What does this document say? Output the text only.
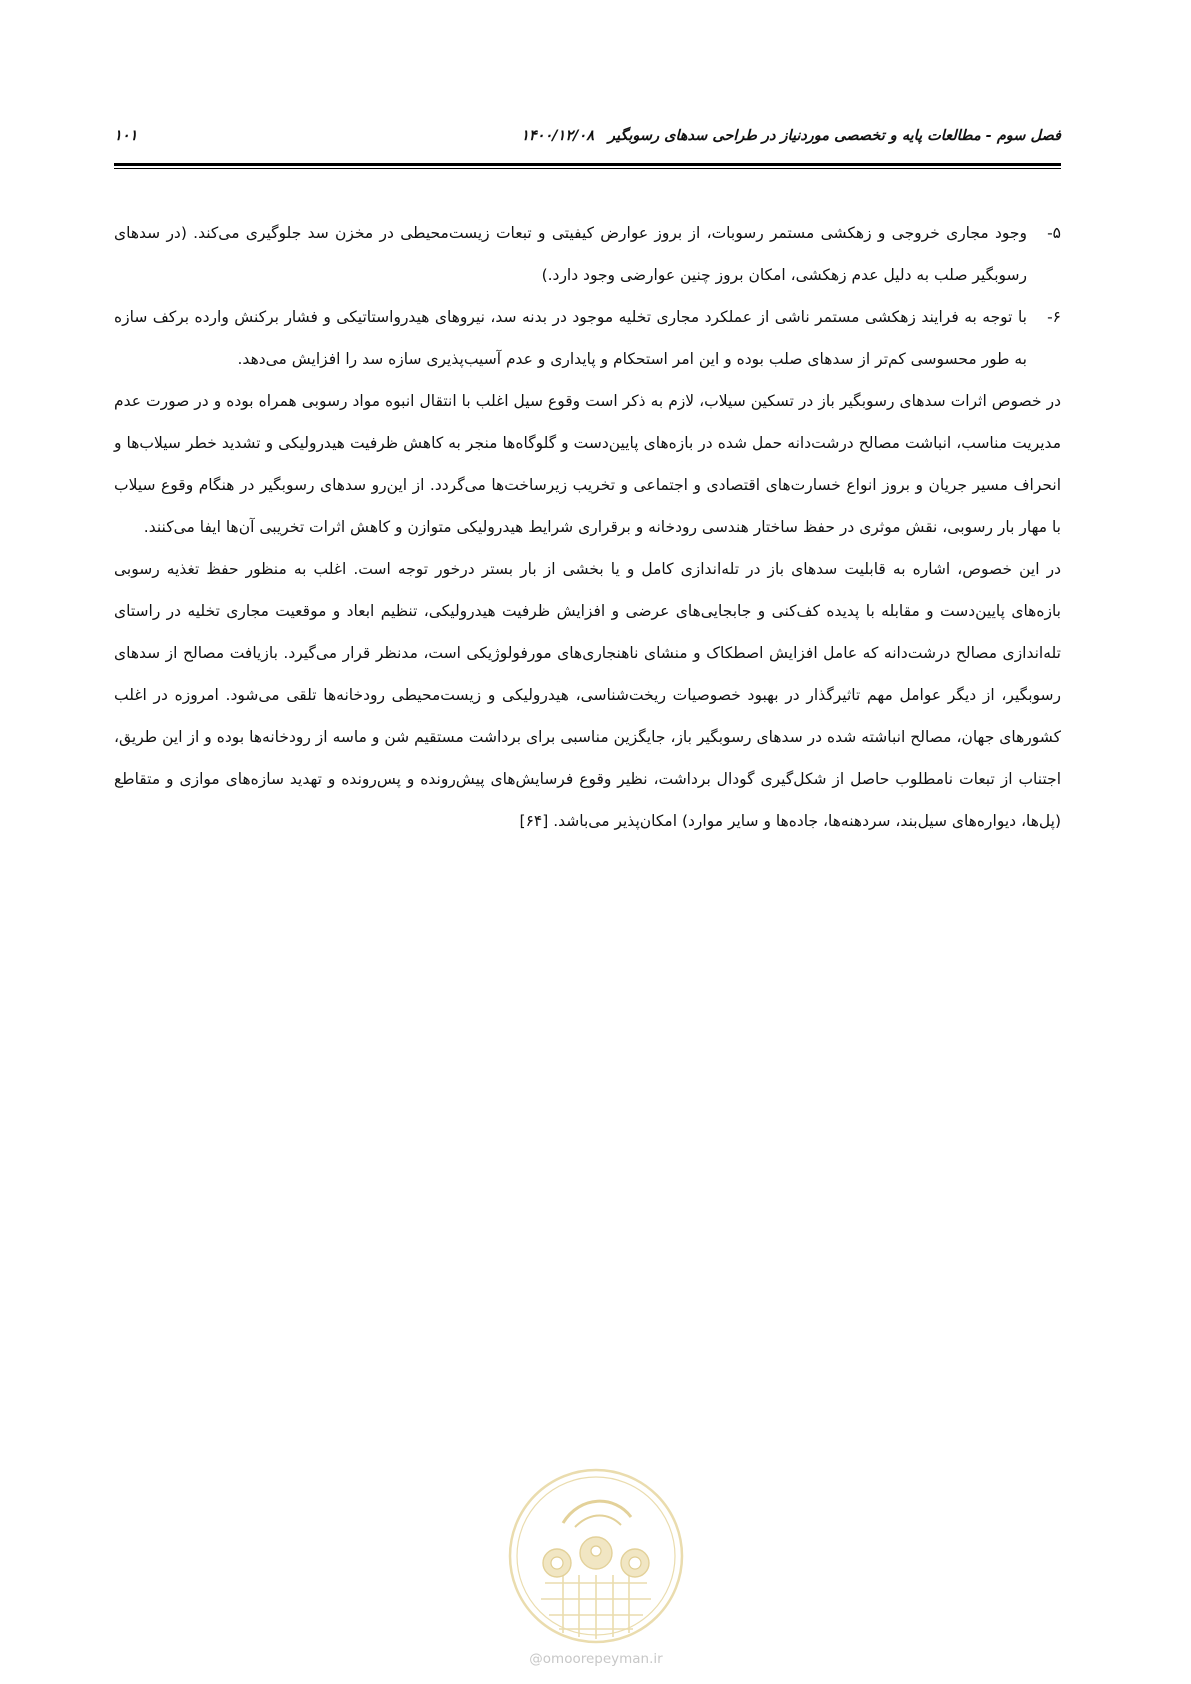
فصل سوم - مطالعات پایه و تخصصی موردنیاز در طراحی سدهای رسوبگیر۱۴۰۰/۱۲/۰۸
۱۰۱
۵-
وجود مجاری خروجی و زهکشی مستمر رسوبات، از بروز عوارض کیفیتی و تبعات زیست‌محیطی در مخزن سد جلوگیری می‌کند. (در سدهای رسوبگیر صلب به دلیل عدم زهکشی، امکان بروز چنین عوارضی وجود دارد.)
۶-
با توجه به فرایند زهکشی مستمر ناشی از عملکرد مجاری تخلیه موجود در بدنه سد، نیروهای هیدرواستاتیکی و فشار برکنش وارده برکف سازه به طور محسوسی کم‌تر از سدهای صلب بوده و این امر استحکام و پایداری و عدم آسیب‌پذیری سازه سد را افزایش می‌دهد.

در خصوص اثرات سدهای رسوبگیر باز در تسکین سیلاب، لازم به ذکر است وقوع سیل اغلب با انتقال انبوه مواد رسوبی همراه بوده و در صورت عدم مدیریت مناسب، انباشت مصالح درشت‌دانه حمل شده در بازه‌های پایین‌دست و گلوگاه‌ها منجر به کاهش ظرفیت هیدرولیکی و تشدید خطر سیلاب‌ها و انحراف مسیر جریان و بروز انواع خسارت‌های اقتصادی و اجتماعی و تخریب زیرساخت‌ها می‌گردد. از این‌رو سدهای رسوبگیر در هنگام وقوع سیلاب با مهار بار رسوبی، نقش موثری در حفظ ساختار هندسی رودخانه و برقراری شرایط هیدرولیکی متوازن و کاهش اثرات تخریبی آن‌ها ایفا می‌کنند.

در این خصوص، اشاره به قابلیت سدهای باز در تله‌اندازی کامل و یا بخشی از بار بستر درخور توجه است. اغلب به منظور حفظ تغذیه رسوبی بازه‌های پایین‌دست و مقابله با پدیده کف‌کنی و جابجایی‌های عرضی و افزایش ظرفیت هیدرولیکی، تنظیم ابعاد و موقعیت مجاری تخلیه در راستای تله‌اندازی مصالح درشت‌دانه که عامل افزایش اصطکاک و منشای ناهنجاری‌های مورفولوژیکی است، مدنظر قرار می‌گیرد. بازیافت مصالح از سدهای رسوبگیر، از دیگر عوامل مهم تاثیرگذار در بهبود خصوصیات ریخت‌شناسی، هیدرولیکی و زیست‌محیطی رودخانه‌ها تلقی می‌شود. امروزه در اغلب کشورهای جهان، مصالح انباشته شده در سدهای رسوبگیر باز، جایگزین مناسبی برای برداشت مستقیم شن و ماسه از رودخانه‌ها بوده و از این طریق، اجتناب از تبعات نامطلوب حاصل از شکل‌گیری گودال برداشت، نظیر وقوع فرسایش‌های پیش‌رونده و پس‌رونده و تهدید سازه‌های موازی و متقاطع (پل‌ها، دیواره‌های سیل‌بند، سردهنه‌ها، جاده‌ها و سایر موارد) امکان‌پذیر می‌باشد. [۶۴]

@omoorepeyman.ir
